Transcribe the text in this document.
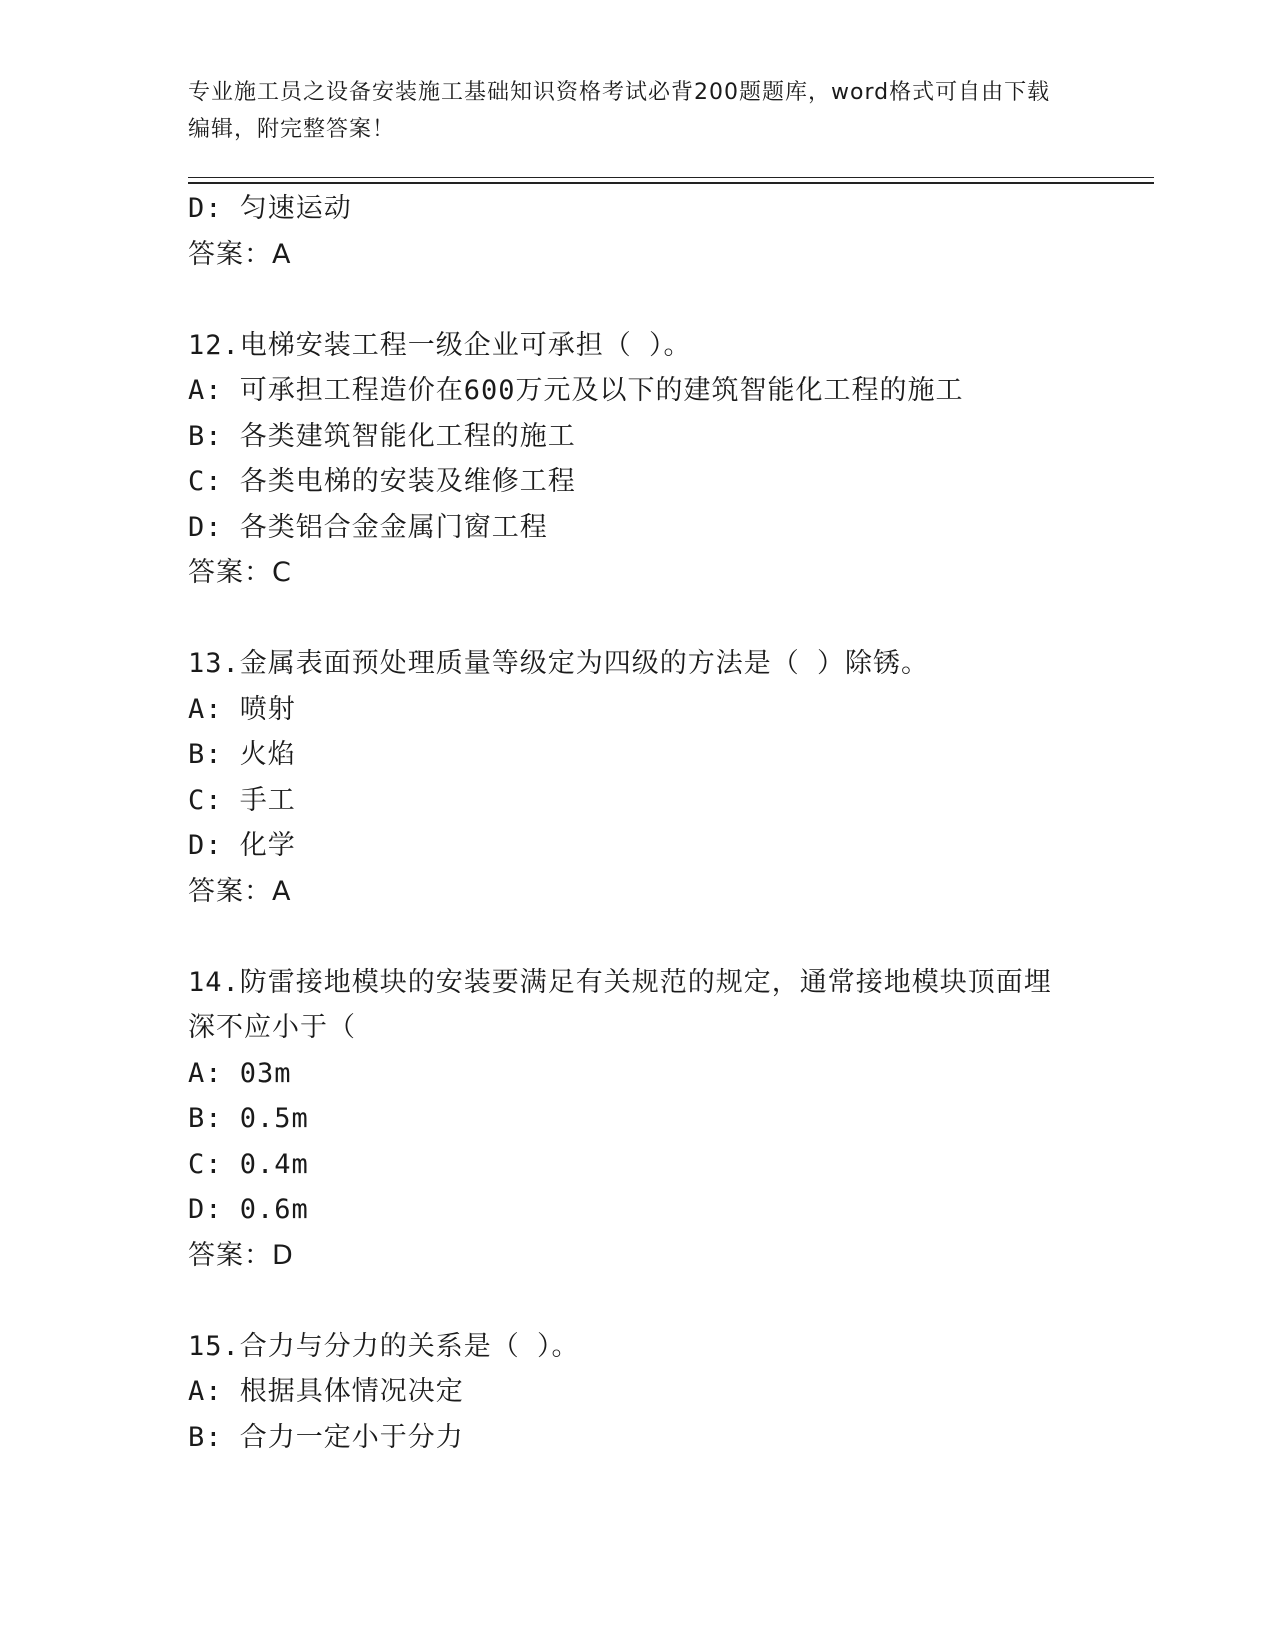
专业施工员之设备安装施工基础知识资格考试必背200题题库，word格式可自由下载编辑，附完整答案！
D: 匀速运动
答案：A
12.电梯安装工程一级企业可承担（ ）。
A: 可承担工程造价在600万元及以下的建筑智能化工程的施工
B: 各类建筑智能化工程的施工
C: 各类电梯的安装及维修工程
D: 各类铝合金金属门窗工程
答案：C
13.金属表面预处理质量等级定为四级的方法是（ ）除锈。
A: 喷射
B: 火焰
C: 手工
D: 化学
答案：A
14.防雷接地模块的安装要满足有关规范的规定，通常接地模块顶面埋深不应小于（
A: 03m
B: 0.5m
C: 0.4m
D: 0.6m
答案：D
15.合力与分力的关系是（ ）。
A: 根据具体情况决定
B: 合力一定小于分力
